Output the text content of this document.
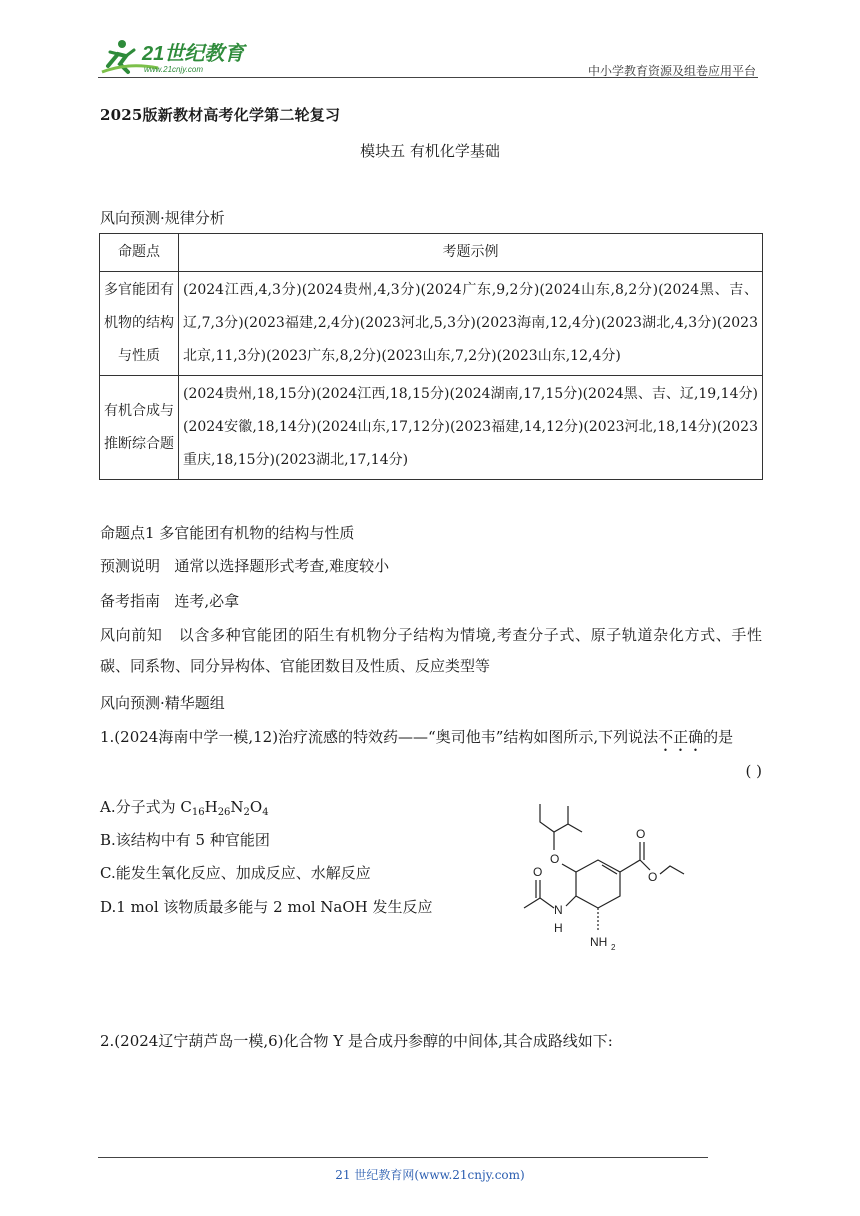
21世纪教育
www.21cnjy.com	中小学教育资源及组卷应用平台
2025版新教材高考化学第二轮复习
模块五 有机化学基础
风向预测·规律分析
命题点	考题示例
多官能团有机物的结构与性质	(2024江西,4,3分)(2024贵州,4,3分)(2024广东,9,2分)(2024山东,8,2分)(2024黑、吉、辽,7,3分)(2023福建,2,4分)(2023河北,5,3分)(2023海南,12,4分)(2023湖北,4,3分)(2023北京,11,3分)(2023广东,8,2分)(2023山东,7,2分)(2023山东,12,4分)
有机合成与推断综合题	(2024贵州,18,15分)(2024江西,18,15分)(2024湖南,17,15分)(2024黑、吉、辽,19,14分)(2024安徽,18,14分)(2024山东,17,12分)(2023福建,14,12分)(2023河北,18,14分)(2023重庆,18,15分)(2023湖北,17,14分)
命题点1 多官能团有机物的结构与性质
预测说明 通常以选择题形式考查,难度较小
备考指南 连考,必拿
风向前知 以含多种官能团的陌生有机物分子结构为情境,考查分子式、原子轨道杂化方式、手性碳、同系物、同分异构体、官能团数目及性质、反应类型等
风向预测·精华题组
1.(2024海南中学一模,12)治疗流感的特效药——“奥司他韦”结构如图所示,下列说法不正确的是
( )
A.分子式为 $C_{16}H_{26}N_2O_4$
B.该结构中有 5 种官能团
C.能发生氧化反应、加成反应、水解反应
D.1 mol 该物质最多能与 2 mol NaOH 发生反应
O
O
O
N
H
O
NH 2
2.(2024辽宁葫芦岛一模,6)化合物 Y 是合成丹参醇的中间体,其合成路线如下:
21 世纪教育网(www.21cnjy.com)
